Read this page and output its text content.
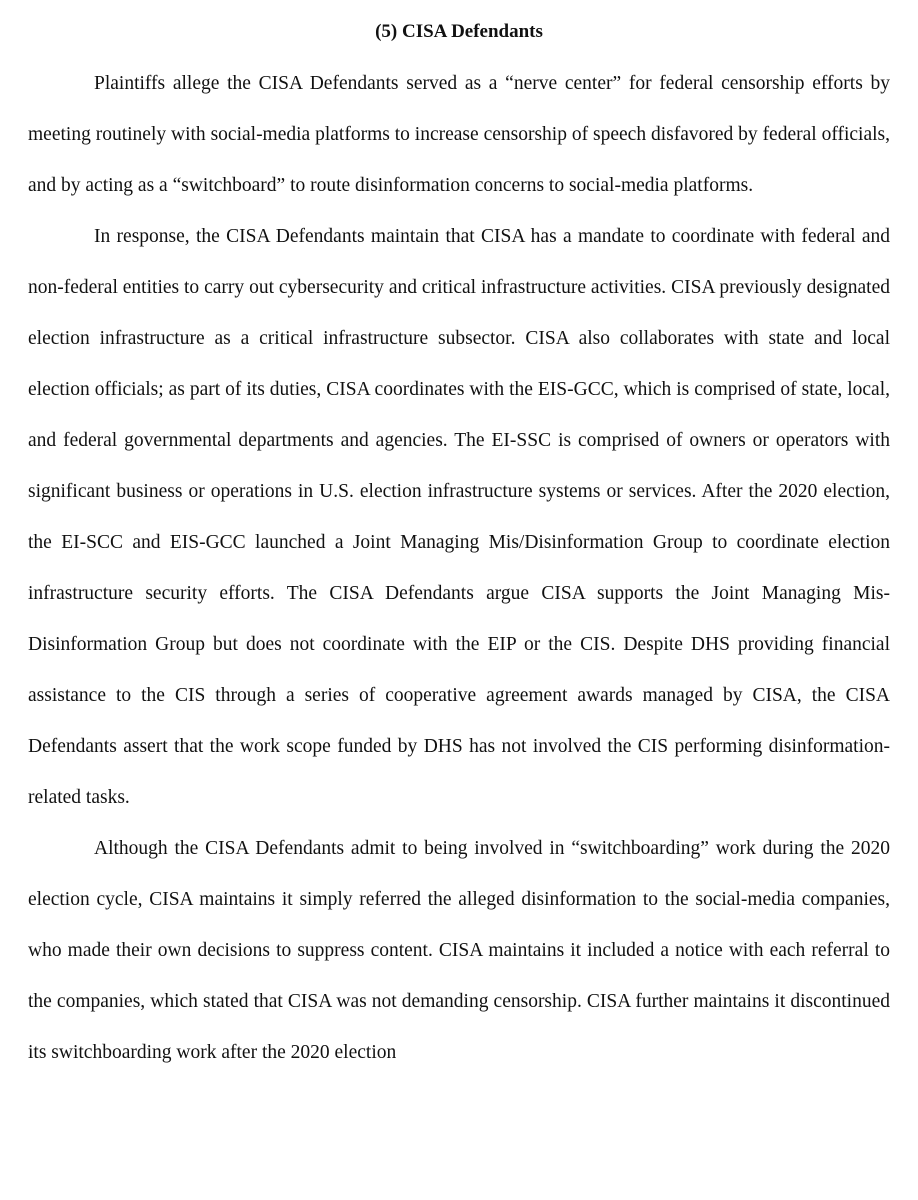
(5) CISA Defendants

Plaintiffs allege the CISA Defendants served as a “nerve center” for federal censorship efforts by meeting routinely with social-media platforms to increase censorship of speech disfavored by federal officials, and by acting as a “switchboard” to route disinformation concerns to social-media platforms.

In response, the CISA Defendants maintain that CISA has a mandate to coordinate with federal and non-federal entities to carry out cybersecurity and critical infrastructure activities. CISA previously designated election infrastructure as a critical infrastructure subsector. CISA also collaborates with state and local election officials; as part of its duties, CISA coordinates with the EIS-GCC, which is comprised of state, local, and federal governmental departments and agencies. The EI-SSC is comprised of owners or operators with significant business or operations in U.S. election infrastructure systems or services. After the 2020 election, the EI-SCC and EIS-GCC launched a Joint Managing Mis/Disinformation Group to coordinate election infrastructure security efforts. The CISA Defendants argue CISA supports the Joint Managing Mis-Disinformation Group but does not coordinate with the EIP or the CIS. Despite DHS providing financial assistance to the CIS through a series of cooperative agreement awards managed by CISA, the CISA Defendants assert that the work scope funded by DHS has not involved the CIS performing disinformation-related tasks.

Although the CISA Defendants admit to being involved in “switchboarding” work during the 2020 election cycle, CISA maintains it simply referred the alleged disinformation to the social-media companies, who made their own decisions to suppress content. CISA maintains it included a notice with each referral to the companies, which stated that CISA was not demanding censorship. CISA further maintains it discontinued its switchboarding work after the 2020 election
